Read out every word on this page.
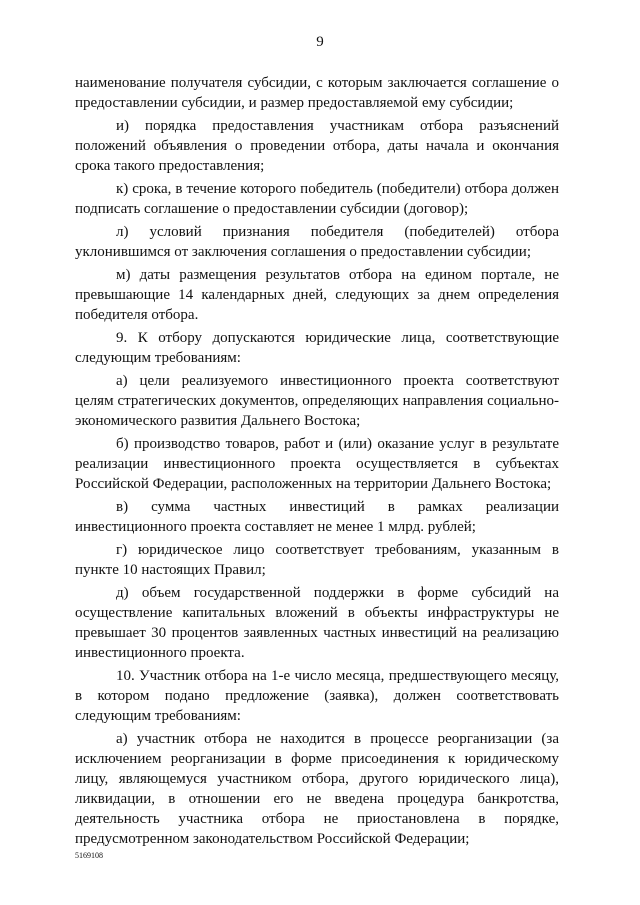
9

наименование получателя субсидии, с которым заключается соглашение о предоставлении субсидии, и размер предоставляемой ему субсидии;

и) порядка предоставления участникам отбора разъяснений положений объявления о проведении отбора, даты начала и окончания срока такого предоставления;

к) срока, в течение которого победитель (победители) отбора должен подписать соглашение о предоставлении субсидии (договор);

л) условий признания победителя (победителей) отбора уклонившимся от заключения соглашения о предоставлении субсидии;

м) даты размещения результатов отбора на едином портале, не превышающие 14 календарных дней, следующих за днем определения победителя отбора.

9. К отбору допускаются юридические лица, соответствующие следующим требованиям:

а) цели реализуемого инвестиционного проекта соответствуют целям стратегических документов, определяющих направления социально-экономического развития Дальнего Востока;

б) производство товаров, работ и (или) оказание услуг в результате реализации инвестиционного проекта осуществляется в субъектах Российской Федерации, расположенных на территории Дальнего Востока;

в) сумма частных инвестиций в рамках реализации инвестиционного проекта составляет не менее 1 млрд. рублей;

г) юридическое лицо соответствует требованиям, указанным в пункте 10 настоящих Правил;

д) объем государственной поддержки в форме субсидий на осуществление капитальных вложений в объекты инфраструктуры не превышает 30 процентов заявленных частных инвестиций на реализацию инвестиционного проекта.

10. Участник отбора на 1-е число месяца, предшествующего месяцу, в котором подано предложение (заявка), должен соответствовать следующим требованиям:

а) участник отбора не находится в процессе реорганизации (за исключением реорганизации в форме присоединения к юридическому лицу, являющемуся участником отбора, другого юридического лица), ликвидации, в отношении его не введена процедура банкротства, деятельность участника отбора не приостановлена в порядке, предусмотренном законодательством Российской Федерации;

5169108
